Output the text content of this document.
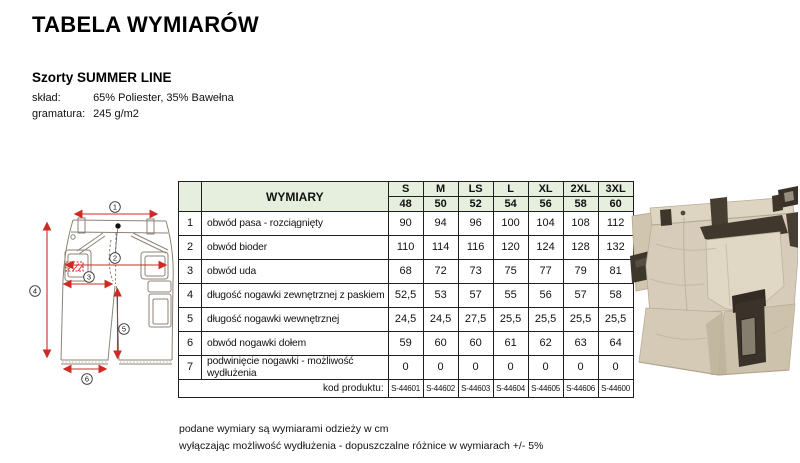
TABELA WYMIARÓW
Szorty SUMMER LINE
skład:	65% Poliester, 35% Bawełna
gramatura: 245 g/m2
1
2
3
4
5
6
	WYMIARY	S	M	LS	L	XL	2XL	3XL
		48	50	52	54	56	58	60
1	obwód pasa - rozciągnięty	90	94	96	100	104	108	112
2	obwód bioder	110	114	116	120	124	128	132
3	obwód uda	68	72	73	75	77	79	81
4	długość nogawki zewnętrznej z paskiem	52,5	53	57	55	56	57	58
5	długość nogawki wewnętrznej	24,5	24,5	27,5	25,5	25,5	25,5	25,5
6	obwód nogawki dołem	59	60	60	61	62	63	64
7	podwinięcie nogawki - możliwość wydłużenia	0	0	0	0	0	0	0
kod produktu:		S-44601	S-44602	S-44603	S-44604	S-44605	S-44606	S-44600
podane wymiary są wymiarami odzieży w cm
wyłączając możliwość wydłużenia - dopuszczalne różnice w wymiarach +/- 5%
